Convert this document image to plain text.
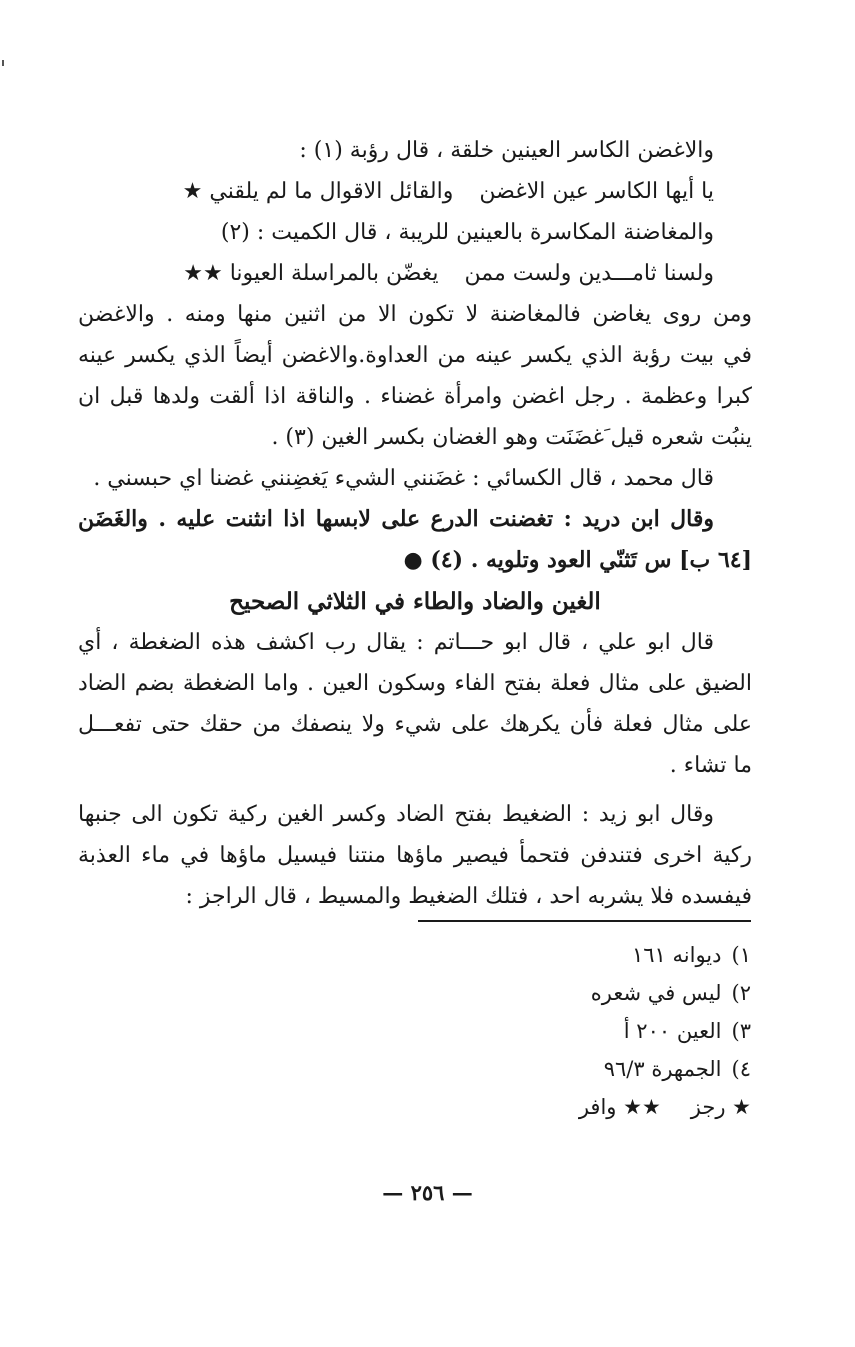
والاغضن الكاسر العينين خلقة ، قال رؤبة (١) :
يا أيها الكاسر عين الاغضن
والقائل الاقوال ما لم يلقني ★
والمغاضنة المكاسرة بالعينين للريبة ، قال الكميت : (٢)
ولسنا ثامـــدين ولست ممن
يغضّن بالمراسلة العيونا ★★
ومن روى يغاضن فالمغاضنة لا تكون الا من اثنين منها ومنه . والاغضن
في بيت رؤبة الذي يكسر عينه من العداوة.والاغضن أيضاً الذي يكسر عينه
كبرا وعظمة . رجل اغضن وامرأة غضناء . والناقة اذا ألقت ولدها قبل ان
ينبُت شعره قيل َغضَنَت وهو الغضان بكسر الغين (٣) .
قال محمد ، قال الكسائي : غضَنني الشيء يَغضِنني غضنا اي حبسني .
وقال ابن دريد : تغضنت الدرع على لابسها اذا انثنت عليه . والغَضَن
[٦٤ ب] س تَثنّي العود وتلويه . (٤) ●
الغين والضاد والطاء في الثلاثي الصحيح
قال ابو علي ، قال ابو حـــاتم : يقال رب اكشف هذه الضغطة ، أي
الضيق على مثال فعلة بفتح الفاء وسكون العين . واما الضغطة بضم الضاد
على مثال فعلة فأن يكرهك على شيء ولا ينصفك من حقك حتى تفعـــل
ما تشاء .
وقال ابو زيد : الضغيط بفتح الضاد وكسر الغين ركية تكون الى جنبها
ركية اخرى فتندفن فتحمأ فيصير ماؤها منتنا فيسيل ماؤها في ماء العذبة
فيفسده فلا يشربه احد ، فتلك الضغيط والمسيط ، قال الراجز :
١)ديوانه ١٦١
٢)ليس في شعره
٣)العين ٢٠٠ أ
٤)الجمهرة ٩٦/٣
★ رجز★★ وافر
— ٢٥٦ —
